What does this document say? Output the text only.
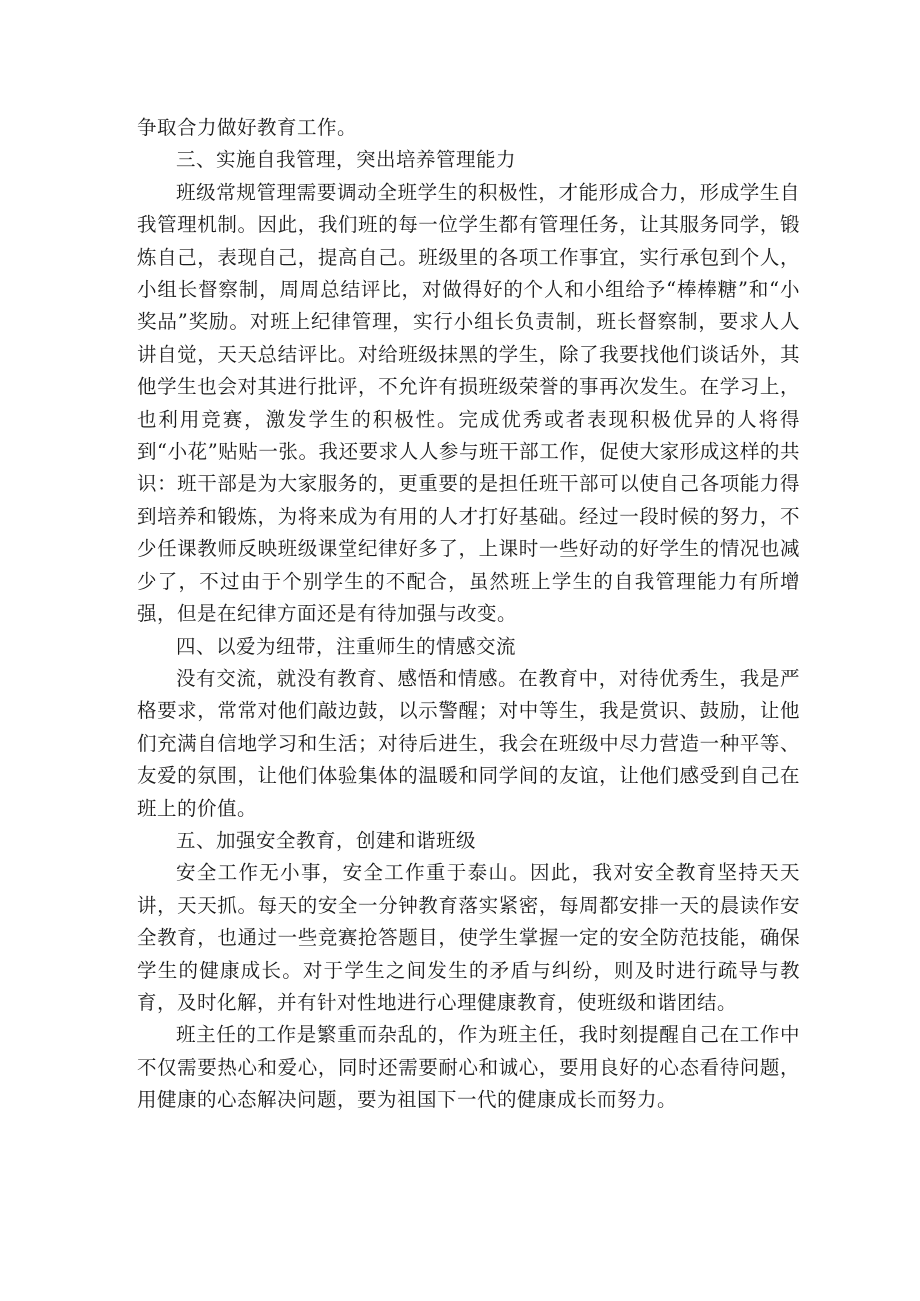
争取合力做好教育工作。

三、实施自我管理，突出培养管理能力

班级常规管理需要调动全班学生的积极性，才能形成合力，形成学生自我管理机制。因此，我们班的每一位学生都有管理任务，让其服务同学，锻炼自己，表现自己，提高自己。班级里的各项工作事宜，实行承包到个人，小组长督察制，周周总结评比，对做得好的个人和小组给予“棒棒糖”和“小奖品”奖励。对班上纪律管理，实行小组长负责制，班长督察制，要求人人讲自觉，天天总结评比。对给班级抹黑的学生，除了我要找他们谈话外，其他学生也会对其进行批评，不允许有损班级荣誉的事再次发生。在学习上，也利用竞赛，激发学生的积极性。完成优秀或者表现积极优异的人将得到“小花”贴贴一张。我还要求人人参与班干部工作，促使大家形成这样的共识：班干部是为大家服务的，更重要的是担任班干部可以使自己各项能力得到培养和锻炼，为将来成为有用的人才打好基础。经过一段时候的努力，不少任课教师反映班级课堂纪律好多了，上课时一些好动的好学生的情况也减少了，不过由于个别学生的不配合，虽然班上学生的自我管理能力有所增强，但是在纪律方面还是有待加强与改变。

四、以爱为纽带，注重师生的情感交流

没有交流，就没有教育、感悟和情感。在教育中，对待优秀生，我是严格要求，常常对他们敲边鼓，以示警醒；对中等生，我是赏识、鼓励，让他们充满自信地学习和生活；对待后进生，我会在班级中尽力营造一种平等、友爱的氛围，让他们体验集体的温暖和同学间的友谊，让他们感受到自己在班上的价值。

五、加强安全教育，创建和谐班级

安全工作无小事，安全工作重于泰山。因此，我对安全教育坚持天天讲，天天抓。每天的安全一分钟教育落实紧密，每周都安排一天的晨读作安全教育，也通过一些竞赛抢答题目，使学生掌握一定的安全防范技能，确保学生的健康成长。对于学生之间发生的矛盾与纠纷，则及时进行疏导与教育，及时化解，并有针对性地进行心理健康教育，使班级和谐团结。

班主任的工作是繁重而杂乱的，作为班主任，我时刻提醒自己在工作中不仅需要热心和爱心，同时还需要耐心和诚心，要用良好的心态看待问题，用健康的心态解决问题，要为祖国下一代的健康成长而努力。
